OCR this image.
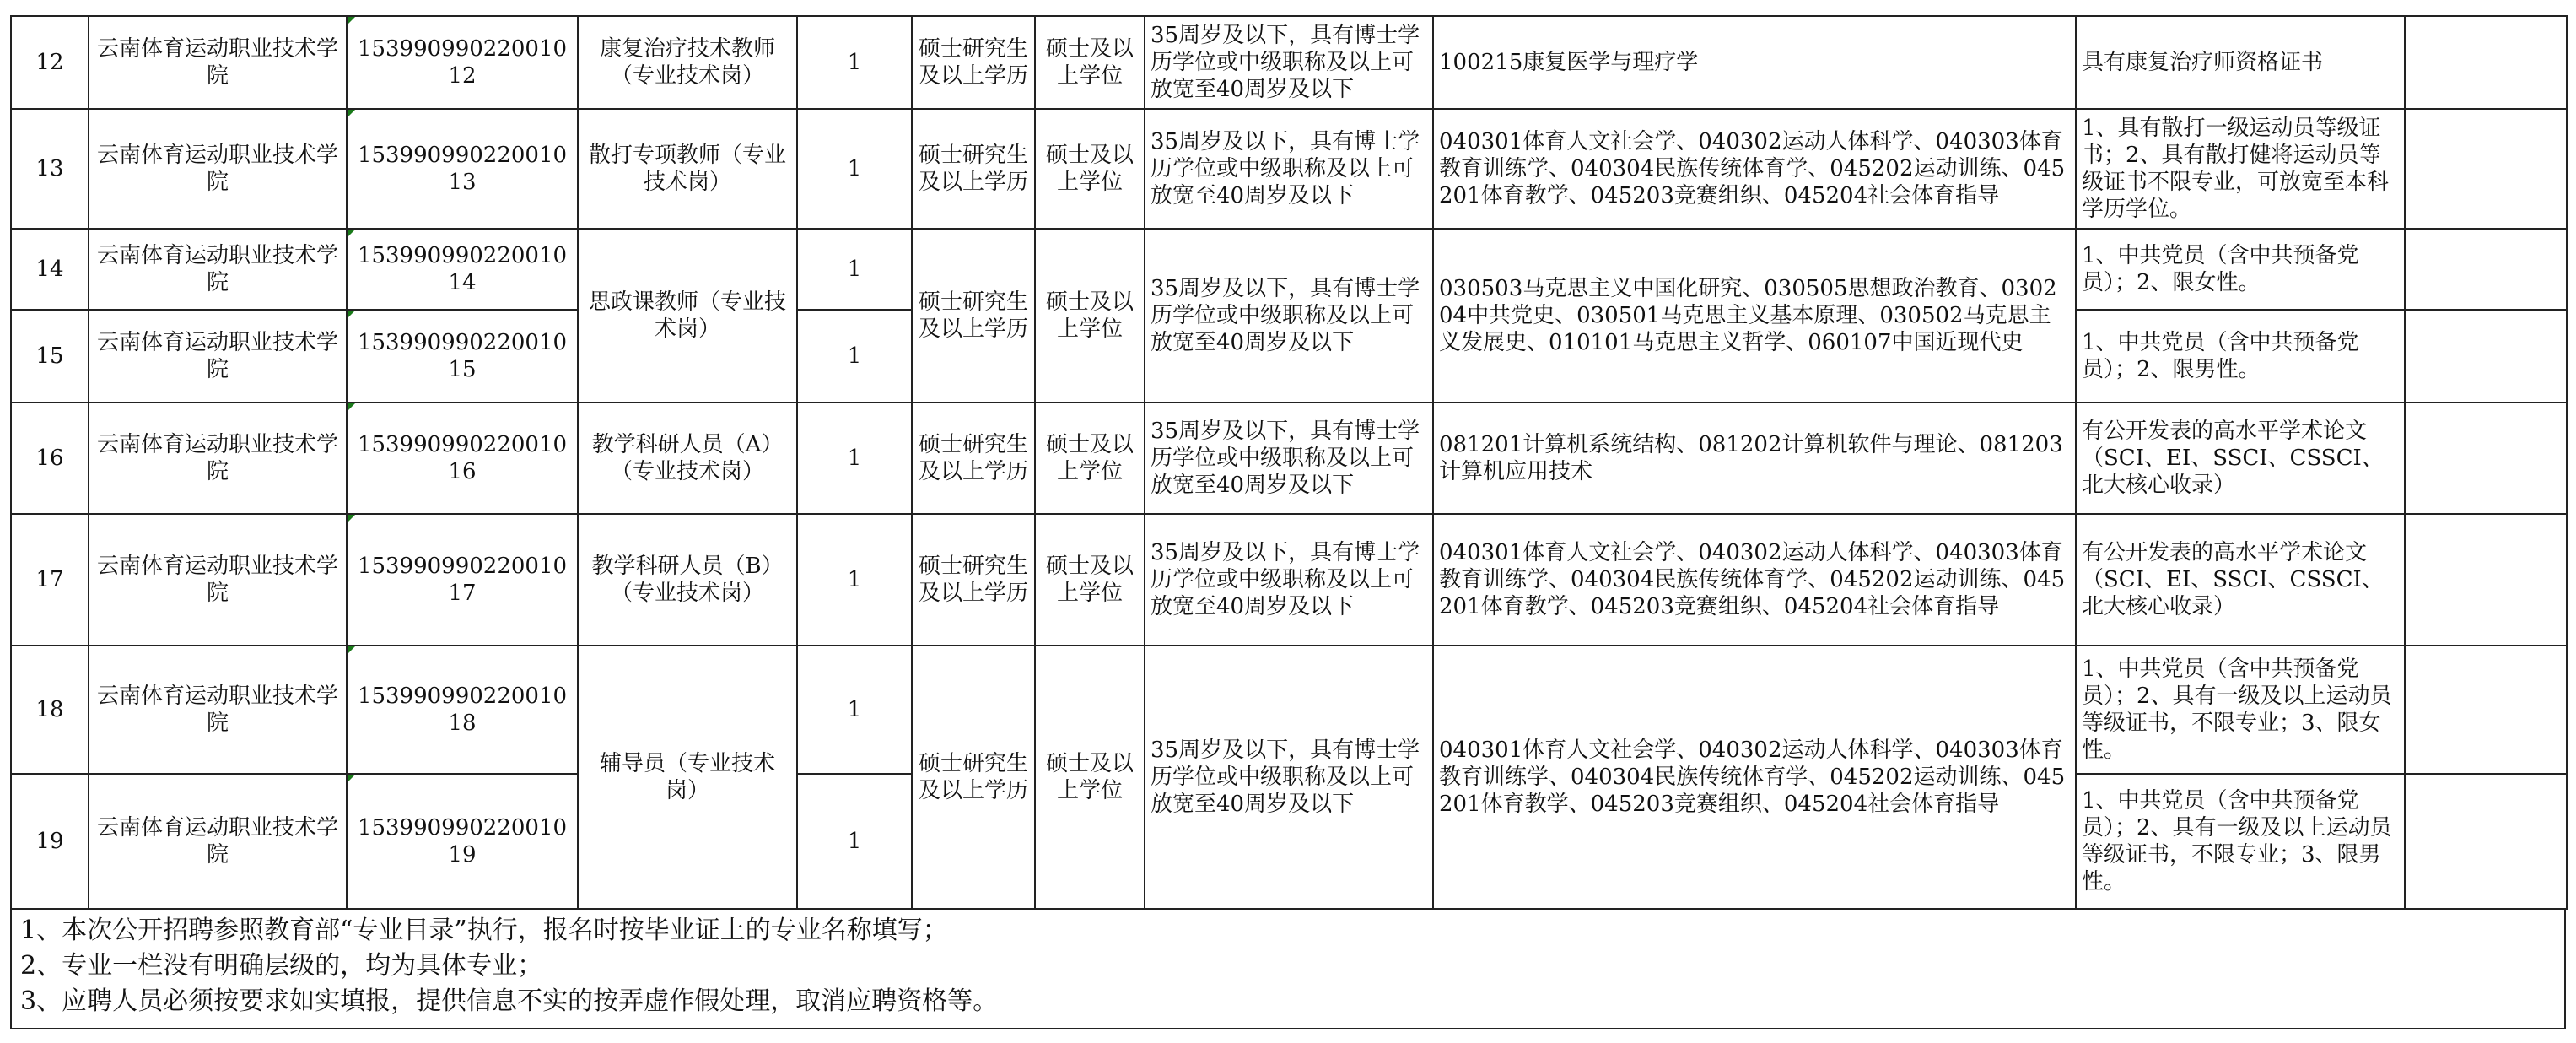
12	云南体育运动职业技术学院	15399099022001012	康复治疗技术教师（专业技术岗）	1	硕士研究生及以上学历	硕士及以上学位	35周岁及以下，具有博士学历学位或中级职称及以上可放宽至40周岁及以下	100215康复医学与理疗学	具有康复治疗师资格证书	
13	云南体育运动职业技术学院	15399099022001013	散打专项教师（专业技术岗）	1	硕士研究生及以上学历	硕士及以上学位	35周岁及以下，具有博士学历学位或中级职称及以上可放宽至40周岁及以下	040301体育人文社会学、040302运动人体科学、040303体育教育训练学、040304民族传统体育学、045202运动训练、045201体育教学、045203竞赛组织、045204社会体育指导	1、具有散打一级运动员等级证书；2、具有散打健将运动员等级证书不限专业，可放宽至本科学历学位。	
14	云南体育运动职业技术学院	15399099022001014	思政课教师（专业技术岗）	1	硕士研究生及以上学历	硕士及以上学位	35周岁及以下，具有博士学历学位或中级职称及以上可放宽至40周岁及以下	030503马克思主义中国化研究、030505思想政治教育、030204中共党史、030501马克思主义基本原理、030502马克思主义发展史、010101马克思主义哲学、060107中国近现代史	1、中共党员（含中共预备党员）；2、限女性。	
15	云南体育运动职业技术学院	15399099022001015		1					1、中共党员（含中共预备党员）；2、限男性。	
16	云南体育运动职业技术学院	15399099022001016	教学科研人员（A）（专业技术岗）	1	硕士研究生及以上学历	硕士及以上学位	35周岁及以下，具有博士学历学位或中级职称及以上可放宽至40周岁及以下	081201计算机系统结构、081202计算机软件与理论、081203计算机应用技术	有公开发表的高水平学术论文（SCI、EI、SSCI、CSSCI、北大核心收录）	
17	云南体育运动职业技术学院	15399099022001017	教学科研人员（B）（专业技术岗）	1	硕士研究生及以上学历	硕士及以上学位	35周岁及以下，具有博士学历学位或中级职称及以上可放宽至40周岁及以下	040301体育人文社会学、040302运动人体科学、040303体育教育训练学、040304民族传统体育学、045202运动训练、045201体育教学、045203竞赛组织、045204社会体育指导	有公开发表的高水平学术论文（SCI、EI、SSCI、CSSCI、北大核心收录）	
18	云南体育运动职业技术学院	15399099022001018	辅导员（专业技术岗）	1	硕士研究生及以上学历	硕士及以上学位	35周岁及以下，具有博士学历学位或中级职称及以上可放宽至40周岁及以下	040301体育人文社会学、040302运动人体科学、040303体育教育训练学、040304民族传统体育学、045202运动训练、045201体育教学、045203竞赛组织、045204社会体育指导	1、中共党员（含中共预备党员）；2、具有一级及以上运动员等级证书，不限专业；3、限女性。	
19	云南体育运动职业技术学院	15399099022001019		1					1、中共党员（含中共预备党员）；2、具有一级及以上运动员等级证书，不限专业；3、限男性。	
1、本次公开招聘参照教育部“专业目录”执行，报名时按毕业证上的专业名称填写；
2、专业一栏没有明确层级的，均为具体专业；
3、应聘人员必须按要求如实填报，提供信息不实的按弄虚作假处理，取消应聘资格等。
